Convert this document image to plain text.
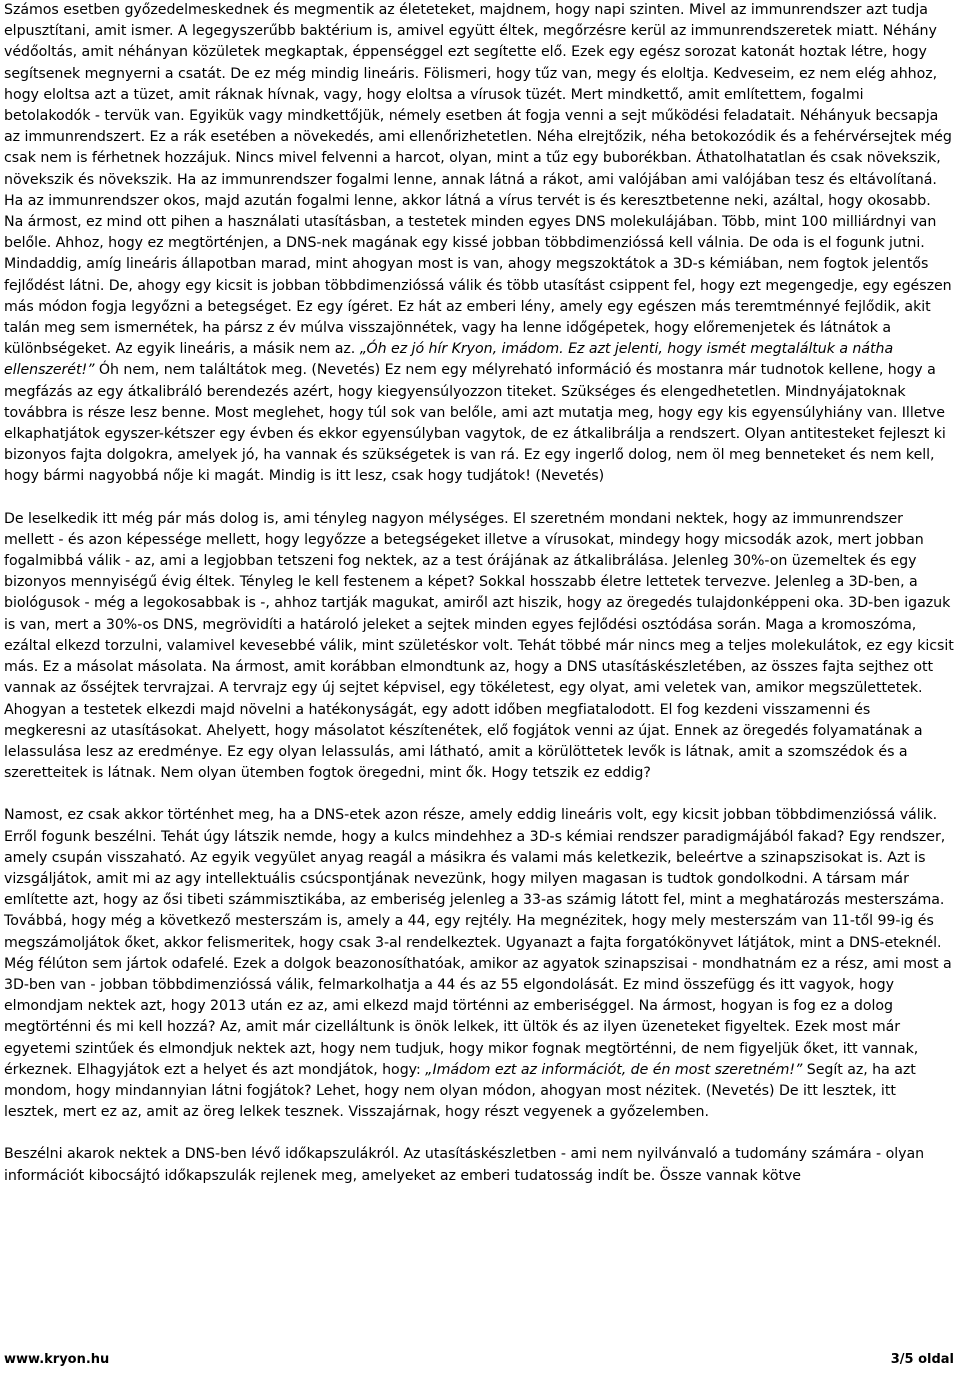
Számos esetben győzedelmeskednek és megmentik az életeteket, majdnem, hogy napi szinten. Mivel az immunrendszer azt tudja elpusztítani, amit ismer. A legegyszerűbb baktérium is, amivel együtt éltek, megőrzésre kerül az immunrendszeretek miatt. Néhány védőoltás, amit néhányan közületek megkaptak, éppenséggel ezt segítette elő. Ezek egy egész sorozat katonát hoztak létre, hogy segítsenek megnyerni a csatát. De ez még mindig lineáris. Fölismeri, hogy tűz van, megy és eloltja. Kedveseim, ez nem elég ahhoz, hogy eloltsa azt a tüzet, amit ráknak hívnak, vagy, hogy eloltsa a vírusok tüzét. Mert mindkettő, amit említettem, fogalmi betolakodók - tervük van. Egyikük vagy mindkettőjük, némely esetben át fogja venni a sejt működési feladatait. Néhányuk becsapja az immunrendszert. Ez a rák esetében a növekedés, ami ellenőrizhetetlen. Néha elrejtőzik, néha betokozódik és a fehérvérsejtek még csak nem is férhetnek hozzájuk. Nincs mivel felvenni a harcot, olyan, mint a tűz egy buborékban. Áthatolhatatlan és csak növekszik, növekszik és növekszik. Ha az immunrendszer fogalmi lenne, annak látná a rákot, ami valójában ami valójában tesz és eltávolítaná. Ha az immunrendszer okos, majd azután fogalmi lenne, akkor látná a vírus tervét is és keresztbetenne neki, azáltal, hogy okosabb. Na ármost, ez mind ott pihen a használati utasításban, a testetek minden egyes DNS molekulájában. Több, mint 100 milliárdnyi van belőle. Ahhoz, hogy ez megtörténjen, a DNS-nek magának egy kissé jobban többdimenzióssá kell válnia. De oda is el fogunk jutni. Mindaddig, amíg lineáris állapotban marad, mint ahogyan most is van, ahogy megszoktátok a 3D-s kémiában, nem fogtok jelentős fejlődést látni. De, ahogy egy kicsit is jobban többdimenzióssá válik és több utasítást csippent fel, hogy ezt megengedje, egy egészen más módon fogja legyőzni a betegséget. Ez egy ígéret. Ez hát az emberi lény, amely egy egészen más teremtménnyé fejlődik, akit talán meg sem ismernétek, ha pársz z év múlva visszajönnétek, vagy ha lenne időgépetek, hogy előremenjetek és látnátok a különbségeket. Az egyik lineáris, a másik nem az. „Óh ez jó hír Kryon, imádom. Ez azt jelenti, hogy ismét megtaláltuk a nátha ellenszerét!” Óh nem, nem találtátok meg. (Nevetés) Ez nem egy mélyreható információ és mostanra már tudnotok kellene, hogy a megfázás az egy átkalibráló berendezés azért, hogy kiegyensúlyozzon titeket. Szükséges és elengedhetetlen. Mindnyájatoknak továbbra is része lesz benne. Most meglehet, hogy túl sok van belőle, ami azt mutatja meg, hogy egy kis egyensúlyhiány van. Illetve elkaphatjátok egyszer-kétszer egy évben és ekkor egyensúlyban vagytok, de ez átkalibrálja a rendszert. Olyan antitesteket fejleszt ki bizonyos fajta dolgokra, amelyek jó, ha vannak és szükségetek is van rá. Ez egy ingerlő dolog, nem öl meg benneteket és nem kell, hogy bármi nagyobbá nője ki magát. Mindig is itt lesz, csak hogy tudjátok! (Nevetés)

De leselkedik itt még pár más dolog is, ami tényleg nagyon mélységes. El szeretném mondani nektek, hogy az immunrendszer mellett - és azon képessége mellett, hogy legyőzze a betegségeket illetve a vírusokat, mindegy hogy micsodák azok, mert jobban fogalmibbá válik - az, ami a legjobban tetszeni fog nektek, az a test órájának az átkalibrálása. Jelenleg 30%-on üzemeltek és egy bizonyos mennyiségű évig éltek. Tényleg le kell festenem a képet? Sokkal hosszabb életre lettetek tervezve. Jelenleg a 3D-ben, a biológusok - még a legokosabbak is -, ahhoz tartják magukat, amiről azt hiszik, hogy az öregedés tulajdonképpeni oka. 3D-ben igazuk is van, mert a 30%-os DNS, megrövidíti a határoló jeleket a sejtek minden egyes fejlődési osztódása során. Maga a kromoszóma, ezáltal elkezd torzulni, valamivel kevesebbé válik, mint születéskor volt. Tehát többé már nincs meg a teljes molekulátok, ez egy kicsit más. Ez a másolat másolata. Na ármost, amit korábban elmondtunk az, hogy a DNS utasításkészletében, az összes fajta sejthez ott vannak az ősséjtek tervrajzai. A tervrajz egy új sejtet képvisel, egy tökéletest, egy olyat, ami veletek van, amikor megszülettetek. Ahogyan a testetek elkezdi majd növelni a hatékonyságát, egy adott időben megfiatalodott. El fog kezdeni visszamenni és megkeresni az utasításokat. Ahelyett, hogy másolatot készítenétek, elő fogjátok venni az újat. Ennek az öregedés folyamatának a lelassulása lesz az eredménye. Ez egy olyan lelassulás, ami látható, amit a körülöttetek levők is látnak, amit a szomszédok és a szeretteitek is látnak. Nem olyan ütemben fogtok öregedni, mint ők. Hogy tetszik ez eddig?

Namost, ez csak akkor történhet meg, ha a DNS-etek azon része, amely eddig lineáris volt, egy kicsit jobban többdimenzióssá válik. Erről fogunk beszélni. Tehát úgy látszik nemde, hogy a kulcs mindehhez a 3D-s kémiai rendszer paradigmájából fakad? Egy rendszer, amely csupán visszaható. Az egyik vegyület anyag reagál a másikra és valami más keletkezik, beleértve a szinapszisokat is. Azt is vizsgáljátok, amit mi az agy intellektuális csúcspontjának nevezünk, hogy milyen magasan is tudtok gondolkodni. A társam már említette azt, hogy az ősi tibeti számmisztikába, az emberiség jelenleg a 33-as számig látott fel, mint a meghatározás mesterszáma. Továbbá, hogy még a következő mesterszám is, amely a 44, egy rejtély. Ha megnézitek, hogy mely mesterszám van 11-től 99-ig és megszámoljátok őket, akkor felismeritek, hogy csak 3-al rendelkeztek. Ugyanazt a fajta forgatókönyvet látjátok, mint a DNS-eteknél. Még félúton sem jártok odafelé. Ezek a dolgok beazonosíthatóak, amikor az agyatok szinapszisai - mondhatnám ez a rész, ami most a 3D-ben van - jobban többdimenzióssá válik, felmarkolhatja a 44 és az 55 elgondolását. Ez mind összefügg és itt vagyok, hogy elmondjam nektek azt, hogy 2013 után ez az, ami elkezd majd történni az emberiséggel. Na ármost, hogyan is fog ez a dolog megtörténni és mi kell hozzá? Az, amit már cizelláltunk is önök lelkek, itt ültök és az ilyen üzeneteket figyeltek. Ezek most már egyetemi szintűek és elmondjuk nektek azt, hogy nem tudjuk, hogy mikor fognak megtörténni, de nem figyeljük őket, itt vannak, érkeznek. Elhagyjátok ezt a helyet és azt mondjátok, hogy: „Imádom ezt az információt, de én most szeretném!” Segít az, ha azt mondom, hogy mindannyian látni fogjátok? Lehet, hogy nem olyan módon, ahogyan most nézitek. (Nevetés) De itt lesztek, itt lesztek, mert ez az, amit az öreg lelkek tesznek. Visszajárnak, hogy részt vegyenek a győzelemben.

Beszélni akarok nektek a DNS-ben lévő időkapszulákról. Az utasításkészletben - ami nem nyilvánvaló a tudomány számára - olyan információt kibocsájtó időkapszulák rejlenek meg, amelyeket az emberi tudatosság indít be. Össze vannak kötve

www.kryon.hu	3/5 oldal
